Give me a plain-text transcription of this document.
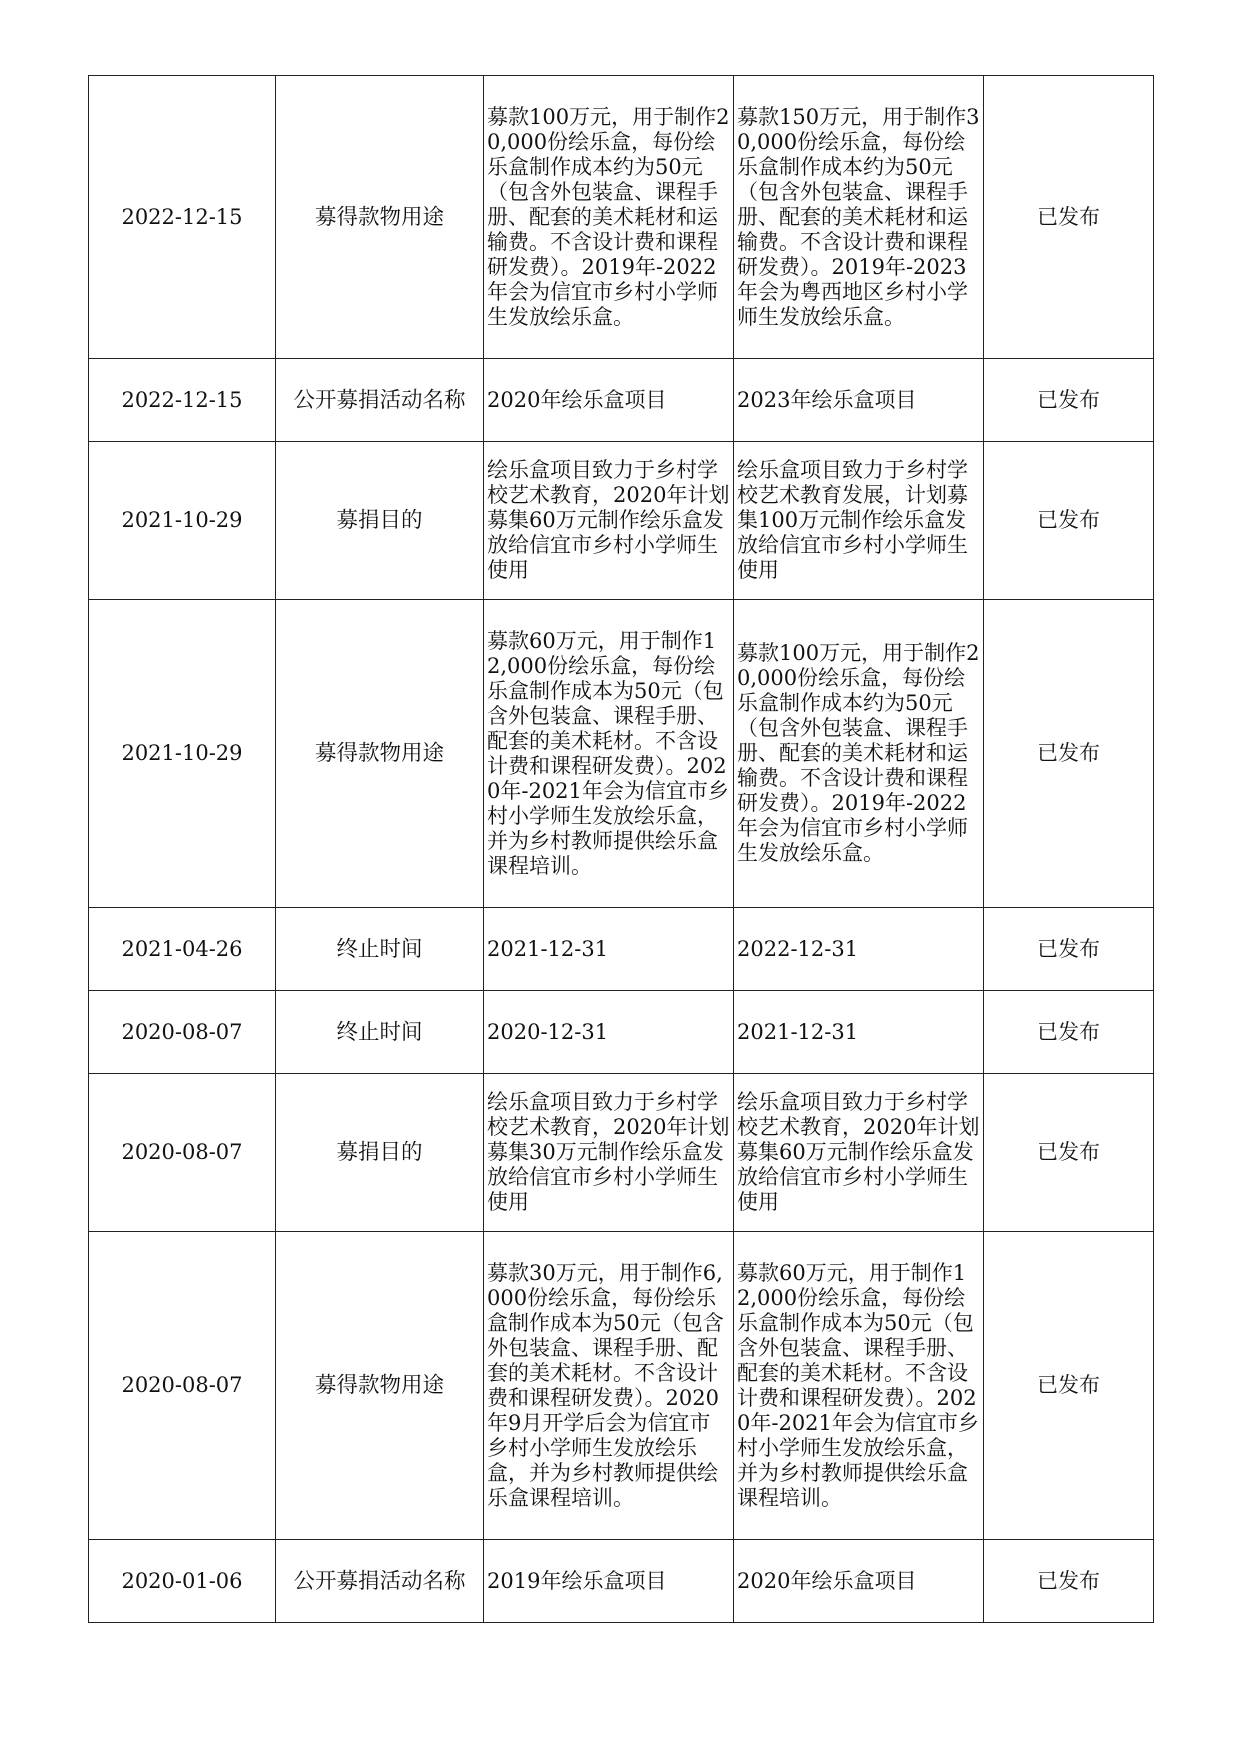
2022-12-15	募得款物用途	募款100万元，用于制作20,000份绘乐盒，每份绘乐盒制作成本约为50元（包含外包装盒、课程手册、配套的美术耗材和运输费。不含设计费和课程研发费）。2019年-2022年会为信宜市乡村小学师生发放绘乐盒。	募款150万元，用于制作30,000份绘乐盒，每份绘乐盒制作成本约为50元（包含外包装盒、课程手册、配套的美术耗材和运输费。不含设计费和课程研发费）。2019年-2023年会为粤西地区乡村小学师生发放绘乐盒。	已发布
2022-12-15	公开募捐活动名称	2020年绘乐盒项目	2023年绘乐盒项目	已发布
2021-10-29	募捐目的	绘乐盒项目致力于乡村学校艺术教育，2020年计划募集60万元制作绘乐盒发放给信宜市乡村小学师生使用	绘乐盒项目致力于乡村学校艺术教育发展，计划募集100万元制作绘乐盒发放给信宜市乡村小学师生使用	已发布
2021-10-29	募得款物用途	募款60万元，用于制作12,000份绘乐盒，每份绘乐盒制作成本为50元（包含外包装盒、课程手册、配套的美术耗材。不含设计费和课程研发费）。2020年-2021年会为信宜市乡村小学师生发放绘乐盒，并为乡村教师提供绘乐盒课程培训。	募款100万元，用于制作20,000份绘乐盒，每份绘乐盒制作成本约为50元（包含外包装盒、课程手册、配套的美术耗材和运输费。不含设计费和课程研发费）。2019年-2022年会为信宜市乡村小学师生发放绘乐盒。	已发布
2021-04-26	终止时间	2021-12-31	2022-12-31	已发布
2020-08-07	终止时间	2020-12-31	2021-12-31	已发布
2020-08-07	募捐目的	绘乐盒项目致力于乡村学校艺术教育，2020年计划募集30万元制作绘乐盒发放给信宜市乡村小学师生使用	绘乐盒项目致力于乡村学校艺术教育，2020年计划募集60万元制作绘乐盒发放给信宜市乡村小学师生使用	已发布
2020-08-07	募得款物用途	募款30万元，用于制作6,000份绘乐盒，每份绘乐盒制作成本为50元（包含外包装盒、课程手册、配套的美术耗材。不含设计费和课程研发费）。2020年9月开学后会为信宜市乡村小学师生发放绘乐盒，并为乡村教师提供绘乐盒课程培训。	募款60万元，用于制作12,000份绘乐盒，每份绘乐盒制作成本为50元（包含外包装盒、课程手册、配套的美术耗材。不含设计费和课程研发费）。2020年-2021年会为信宜市乡村小学师生发放绘乐盒，并为乡村教师提供绘乐盒课程培训。	已发布
2020-01-06	公开募捐活动名称	2019年绘乐盒项目	2020年绘乐盒项目	已发布
